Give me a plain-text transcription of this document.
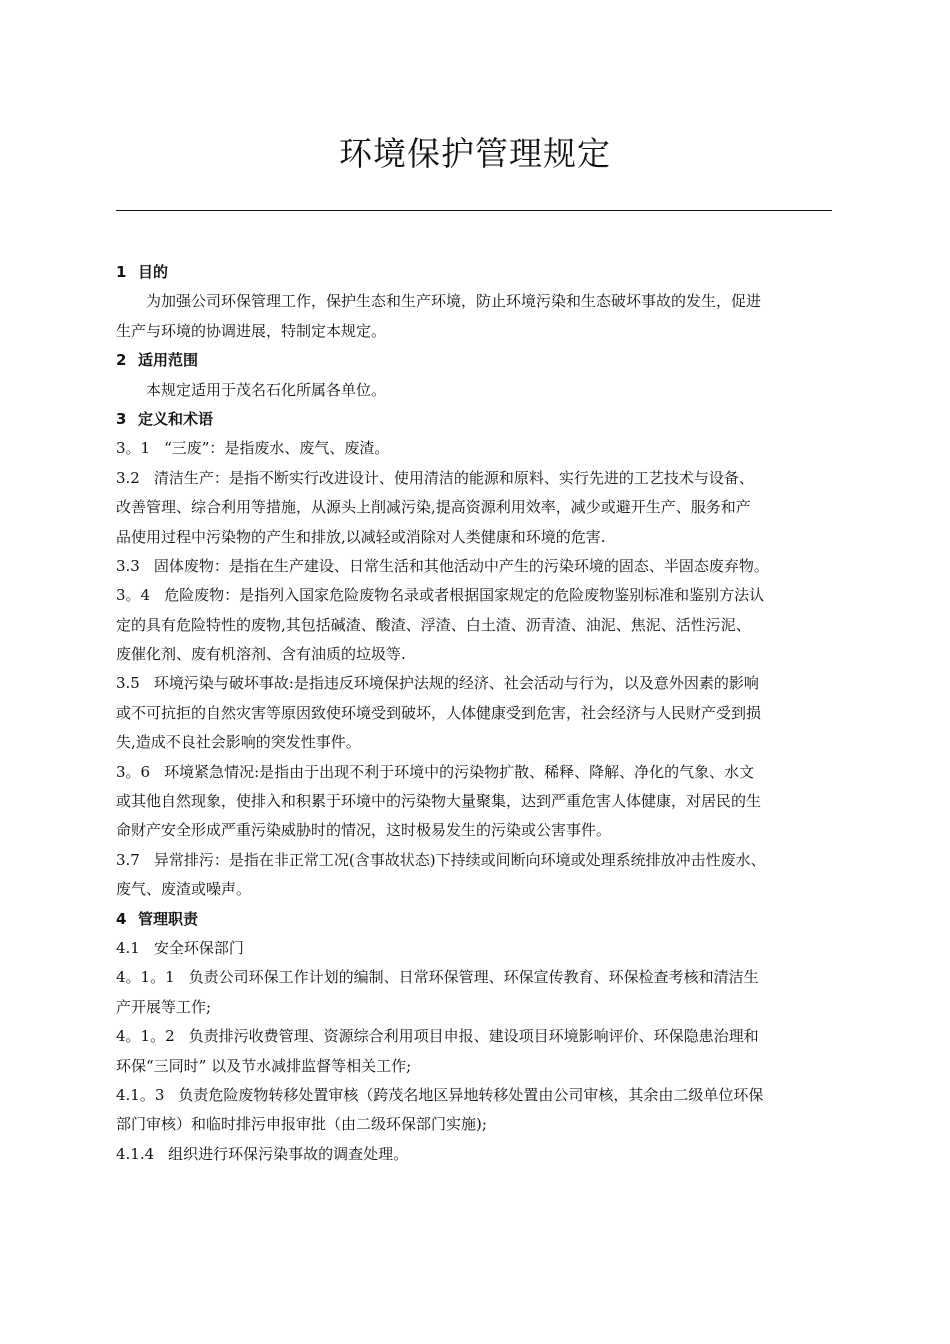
环境保护管理规定
1 目的
为加强公司环保管理工作，保护生态和生产环境，防止环境污染和生态破坏事故的发生，促进
生产与环境的协调进展，特制定本规定。
2 适用范围
本规定适用于茂名石化所属各单位。
3 定义和术语
3。1 “三废”：是指废水、废气、废渣。
3.2 清洁生产：是指不断实行改进设计、使用清洁的能源和原料、实行先进的工艺技术与设备、
改善管理、综合利用等措施，从源头上削减污染,提高资源利用效率，减少或避开生产、服务和产
品使用过程中污染物的产生和排放,以减轻或消除对人类健康和环境的危害.
3.3 固体废物：是指在生产建设、日常生活和其他活动中产生的污染环境的固态、半固态废弃物。
3。4 危险废物：是指列入国家危险废物名录或者根据国家规定的危险废物鉴别标准和鉴别方法认
定的具有危险特性的废物,其包括碱渣、酸渣、浮渣、白土渣、沥青渣、油泥、焦泥、活性污泥、
废催化剂、废有机溶剂、含有油质的垃圾等.
3.5 环境污染与破坏事故:是指违反环境保护法规的经济、社会活动与行为，以及意外因素的影响
或不可抗拒的自然灾害等原因致使环境受到破坏，人体健康受到危害，社会经济与人民财产受到损
失,造成不良社会影响的突发性事件。
3。6 环境紧急情况:是指由于出现不利于环境中的污染物扩散、稀释、降解、净化的气象、水文
或其他自然现象，使排入和积累于环境中的污染物大量聚集，达到严重危害人体健康，对居民的生
命财产安全形成严重污染威胁时的情况，这时极易发生的污染或公害事件。
3.7 异常排污：是指在非正常工况(含事故状态)下持续或间断向环境或处理系统排放冲击性废水、
废气、废渣或噪声。
4 管理职责
4.1 安全环保部门
4。1。1 负责公司环保工作计划的编制、日常环保管理、环保宣传教育、环保检查考核和清洁生
产开展等工作;
4。1。2 负责排污收费管理、资源综合利用项目申报、建设项目环境影响评价、环保隐患治理和
环保“三同时” 以及节水减排监督等相关工作;
4.1。3 负责危险废物转移处置审核（跨茂名地区异地转移处置由公司审核，其余由二级单位环保
部门审核）和临时排污申报审批（由二级环保部门实施);
4.1.4 组织进行环保污染事故的调查处理。
